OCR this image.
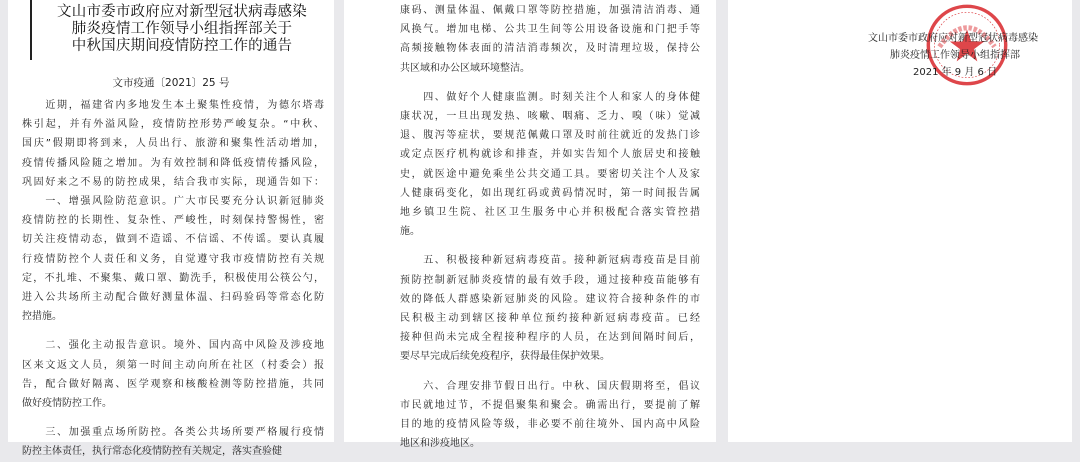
文山市委市政府应对新型冠状病毒感染
肺炎疫情工作领导小组指挥部关于
中秋国庆期间疫情防控工作的通告
文市疫通〔2021〕25 号
　　近期，福建省内多地发生本土聚集性疫情，为德尔塔毒
株引起，并有外溢风险，疫情防控形势严峻复杂。“中秋、
国庆”假期即将到来，人员出行、旅游和聚集性活动增加，
疫情传播风险随之增加。为有效控制和降低疫情传播风险，
巩固好来之不易的防控成果，结合我市实际，现通告如下：
　　一、增强风险防范意识。广大市民要充分认识新冠肺炎
疫情防控的长期性、复杂性、严峻性，时刻保持警惕性，密
切关注疫情动态，做到不造谣、不信谣、不传谣。要认真履
行疫情防控个人责任和义务，自觉遵守我市疫情防控有关规
定，不扎堆、不聚集、戴口罩、勤洗手，积极使用公筷公勺，
进入公共场所主动配合做好测量体温、扫码验码等常态化防
控措施。
　　二、强化主动报告意识。境外、国内高中风险及涉疫地
区来文返文人员，须第一时间主动向所在社区（村委会）报
告，配合做好隔离、医学观察和核酸检测等防控措施，共同
做好疫情防控工作。
　　三、加强重点场所防控。各类公共场所要严格履行疫情
防控主体责任，执行常态化疫情防控有关规定，落实查验健
康码、测量体温、佩戴口罩等防控措施，加强清洁消毒、通
风换气。增加电梯、公共卫生间等公用设备设施和门把手等
高频接触物体表面的清洁消毒频次，及时清理垃圾，保持公
共区域和办公区域环境整洁。
　　四、做好个人健康监测。时刻关注个人和家人的身体健
康状况，一旦出现发热、咳嗽、咽痛、乏力、嗅（味）觉减
退、腹泻等症状，要规范佩戴口罩及时前往就近的发热门诊
或定点医疗机构就诊和排查，并如实告知个人旅居史和接触
史，就医途中避免乘坐公共交通工具。要密切关注个人及家
人健康码变化，如出现红码或黄码情况时，第一时间报告属
地乡镇卫生院、社区卫生服务中心并积极配合落实管控措
施。
　　五、积极接种新冠病毒疫苗。接种新冠病毒疫苗是目前
预防控制新冠肺炎疫情的最有效手段，通过接种疫苗能够有
效的降低人群感染新冠肺炎的风险。建议符合接种条件的市
民积极主动到辖区接种单位预约接种新冠病毒疫苗。已经
接种但尚未完成全程接种程序的人员，在达到间隔时间后，
要尽早完成后续免疫程序，获得最佳保护效果。
　　六、合理安排节假日出行。中秋、国庆假期将至，倡议
市民就地过节，不提倡聚集和聚会。确需出行，要提前了解
目的地的疫情风险等级，非必要不前往境外、国内高中风险
地区和涉疫地区。
文山市委市政府应对新型冠状病毒感染
肺炎疫情工作领导小组指挥部
2021 年 9 月 6 日
